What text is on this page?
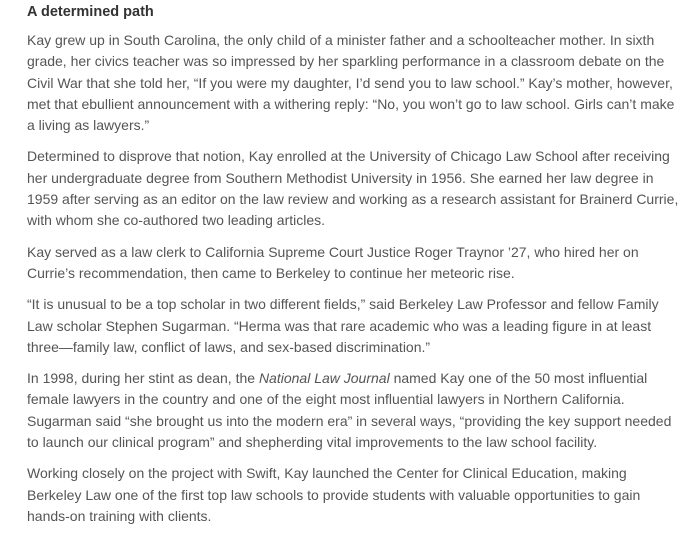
A determined path

Kay grew up in South Carolina, the only child of a minister father and a schoolteacher mother. In sixth grade, her civics teacher was so impressed by her sparkling performance in a classroom debate on the Civil War that she told her, “If you were my daughter, I’d send you to law school.” Kay’s mother, however, met that ebullient announcement with a withering reply: “No, you won’t go to law school. Girls can’t make a living as lawyers.”

Determined to disprove that notion, Kay enrolled at the University of Chicago Law School after receiving her undergraduate degree from Southern Methodist University in 1956. She earned her law degree in 1959 after serving as an editor on the law review and working as a research assistant for Brainerd Currie, with whom she co-authored two leading articles.

Kay served as a law clerk to California Supreme Court Justice Roger Traynor ’27, who hired her on Currie’s recommendation, then came to Berkeley to continue her meteoric rise.

“It is unusual to be a top scholar in two different fields,” said Berkeley Law Professor and fellow Family Law scholar Stephen Sugarman. “Herma was that rare academic who was a leading figure in at least three—family law, conflict of laws, and sex-based discrimination.”

In 1998, during her stint as dean, the National Law Journal named Kay one of the 50 most influential female lawyers in the country and one of the eight most influential lawyers in Northern California. Sugarman said “she brought us into the modern era” in several ways, “providing the key support needed to launch our clinical program” and shepherding vital improvements to the law school facility.

Working closely on the project with Swift, Kay launched the Center for Clinical Education, making Berkeley Law one of the first top law schools to provide students with valuable opportunities to gain hands-on training with clients.
